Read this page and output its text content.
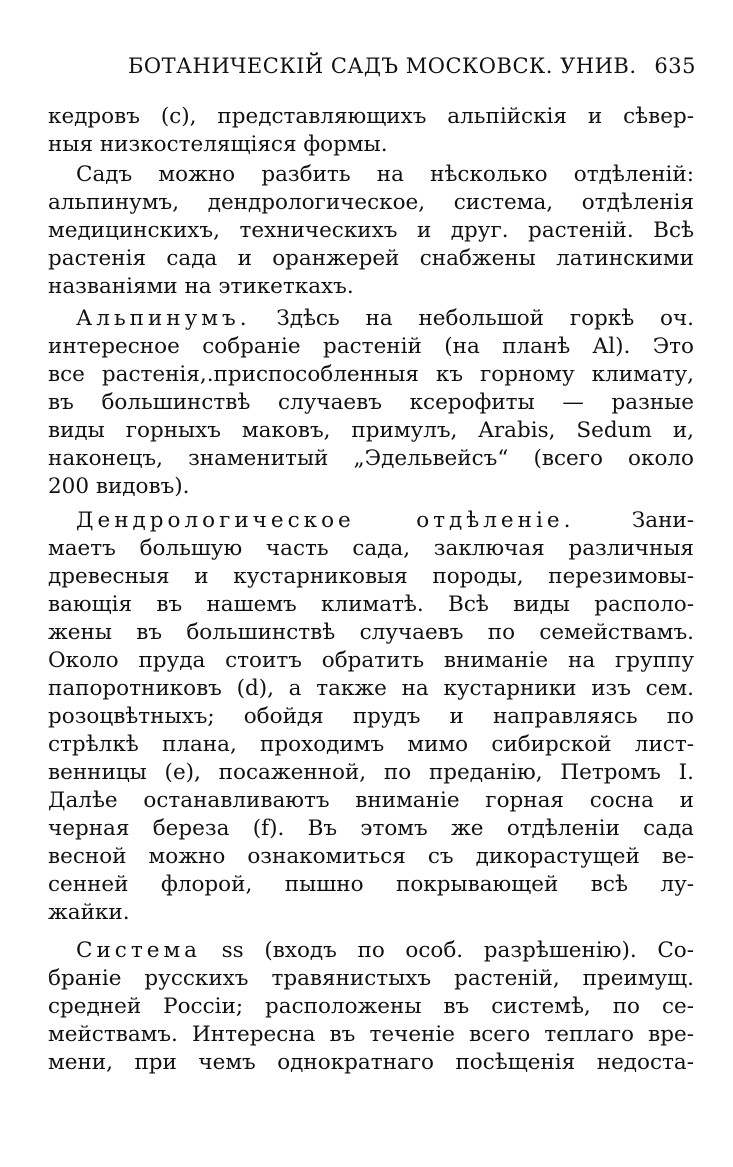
БОТАНИЧЕСКІЙ САДЪ МОСКОВСК. УНИВ. 635
кедровъ (с), представляющихъ альпійскія и сѣвер-
ныя низкостелящіяся формы.
Садъ можно разбить на нѣсколько отдѣленій:
альпинумъ, дендрологическое, система, отдѣленія
медицинскихъ, техническихъ и друг. растеній. Всѣ
растенія сада и оранжерей снабжены латинскими
названіями на этикеткахъ.
Альпинумъ. Здѣсь на небольшой горкѣ оч.
интересное собраніе растеній (на планѣ Al). Это
все растенія,.приспособленныя къ горному климату,
въ большинствѣ случаевъ ксерофиты — разные
виды горныхъ маковъ, примулъ, Arabis, Sedum и,
наконецъ, знаменитый „Эдельвейсъ“ (всего около
200 видовъ).
Дендрологическое отдѣленіе. Зани-
маетъ большую часть сада, заключая различныя
древесныя и кустарниковыя породы, перезимовы-
вающія въ нашемъ климатѣ. Всѣ виды располо-
жены въ большинствѣ случаевъ по семействамъ.
Около пруда стоитъ обратить вниманіе на группу
папоротниковъ (d), а также на кустарники изъ сем.
розоцвѣтныхъ; обойдя прудъ и направляясь по
стрѣлкѣ плана, проходимъ мимо сибирской лист-
венницы (е), посаженной, по преданію, Петромъ I.
Далѣе останавливаютъ вниманіе горная сосна и
черная береза (f). Въ этомъ же отдѣленіи сада
весной можно ознакомиться съ дикорастущей ве-
сенней флорой, пышно покрывающей всѣ лу-
жайки.
Система ss (входъ по особ. разрѣшенію). Со-
браніе русскихъ травянистыхъ растеній, преимущ.
средней Россіи; расположены въ системѣ, по се-
мействамъ. Интересна въ теченіе всего теплаго вре-
мени, при чемъ однократнаго посѣщенія недоста-
